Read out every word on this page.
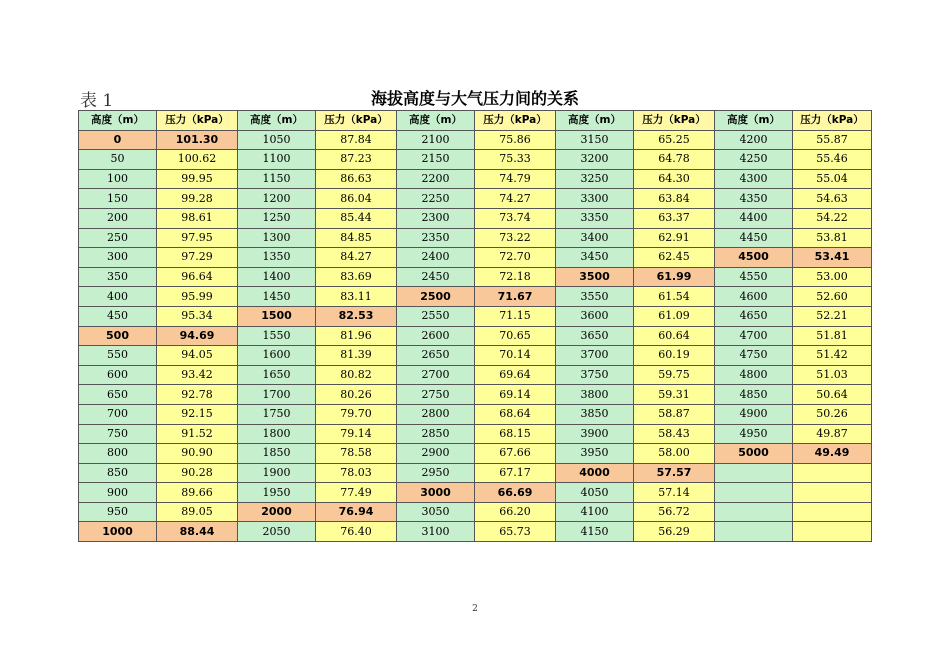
表 1	海拔高度与大气压力间的关系
高度（m）	压力（kPa）	高度（m）	压力（kPa）	高度（m）	压力（kPa）	高度（m）	压力（kPa）	高度（m）	压力（kPa）
0	101.30	1050	87.84	2100	75.86	3150	65.25	4200	55.87
50	100.62	1100	87.23	2150	75.33	3200	64.78	4250	55.46
100	99.95	1150	86.63	2200	74.79	3250	64.30	4300	55.04
150	99.28	1200	86.04	2250	74.27	3300	63.84	4350	54.63
200	98.61	1250	85.44	2300	73.74	3350	63.37	4400	54.22
250	97.95	1300	84.85	2350	73.22	3400	62.91	4450	53.81
300	97.29	1350	84.27	2400	72.70	3450	62.45	4500	53.41
350	96.64	1400	83.69	2450	72.18	3500	61.99	4550	53.00
400	95.99	1450	83.11	2500	71.67	3550	61.54	4600	52.60
450	95.34	1500	82.53	2550	71.15	3600	61.09	4650	52.21
500	94.69	1550	81.96	2600	70.65	3650	60.64	4700	51.81
550	94.05	1600	81.39	2650	70.14	3700	60.19	4750	51.42
600	93.42	1650	80.82	2700	69.64	3750	59.75	4800	51.03
650	92.78	1700	80.26	2750	69.14	3800	59.31	4850	50.64
700	92.15	1750	79.70	2800	68.64	3850	58.87	4900	50.26
750	91.52	1800	79.14	2850	68.15	3900	58.43	4950	49.87
800	90.90	1850	78.58	2900	67.66	3950	58.00	5000	49.49
850	90.28	1900	78.03	2950	67.17	4000	57.57		
900	89.66	1950	77.49	3000	66.69	4050	57.14		
950	89.05	2000	76.94	3050	66.20	4100	56.72		
1000	88.44	2050	76.40	3100	65.73	4150	56.29		
2
